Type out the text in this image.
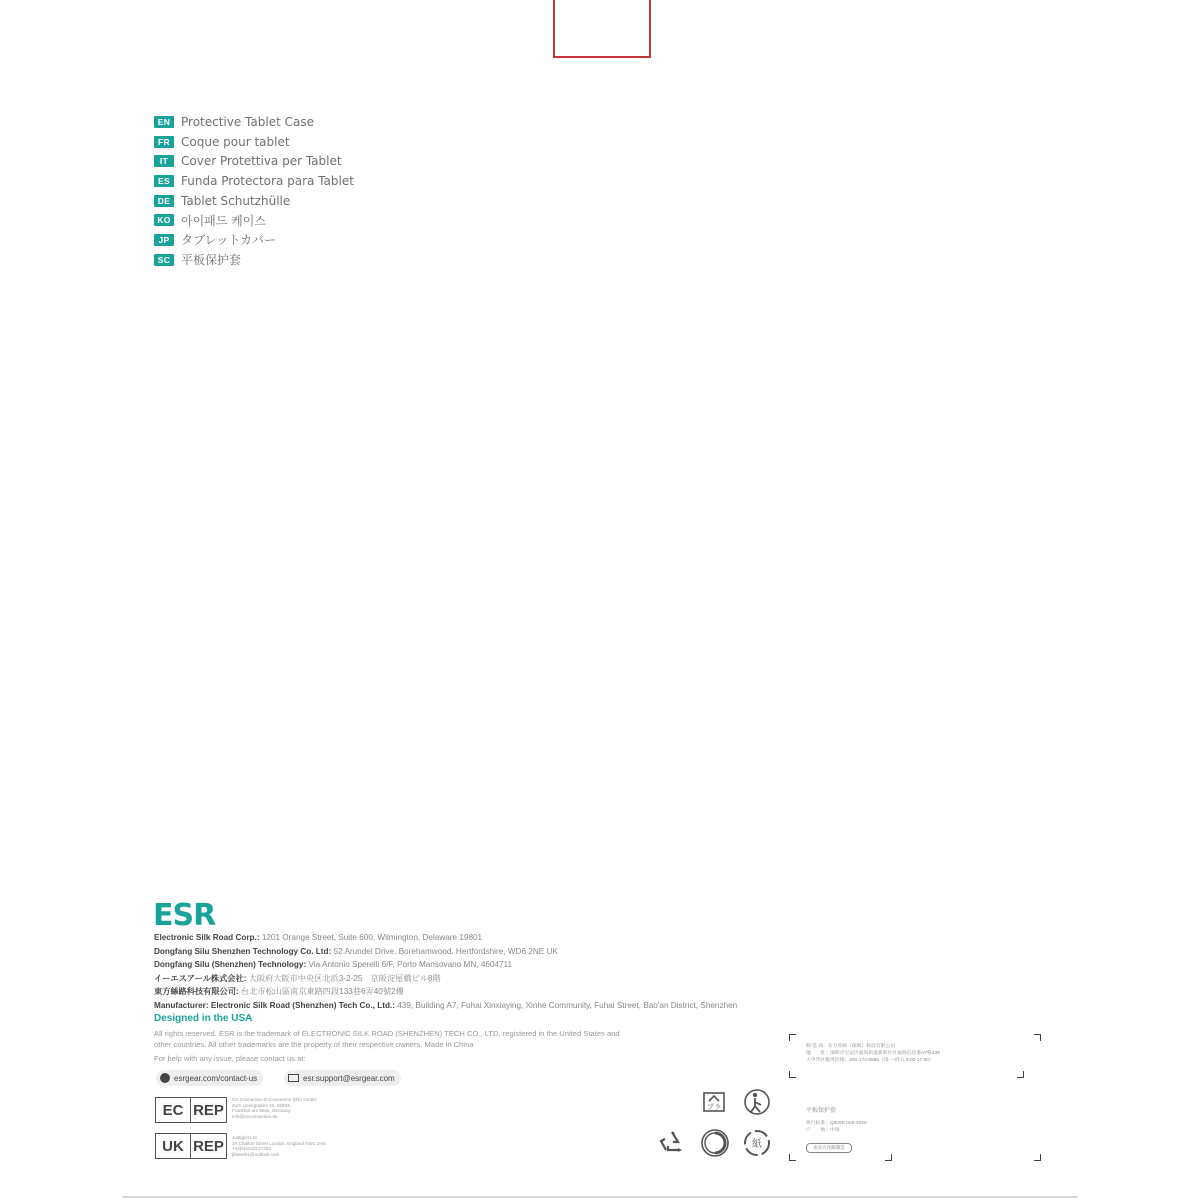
EN Protective Tablet Case
FR Coque pour tablet
IT	Cover Protettiva per Tablet
ES Funda Protectora para Tablet
DE Tablet Schutzhülle
KO 아이패드 케이스
JP タブレットカバー
SC 平板保护套
ESR
Electronic Silk Road Corp.: 1201 Orange Street, Suite 600, Wilmington, Delaware 19801
Dongfang Silu Shenzhen Technology Co. Ltd: 52 Arundel Drive, Borehamwood, Hertfordshire, WD6 2NE UK
Dongfang Silu (Shenzhen) Technology: Via Antonio Sperelli 6/F, Porto Mansovano MN, 4604711
イーエスアール株式会社: 大阪府大阪市中央区北浜3-2-25　京阪淀屋橋ビル8階
東方絲路科技有限公司: 台北市松山區南京東路四段133巷6弄40號2樓
Manufacturer: Electronic Silk Road (Shenzhen) Tech Co., Ltd.: 439, Building A7, Fuhai Xinxiaying, Xinhe Community, Fuhai Street, Bao'an District, Shenzhen
Designed in the USA
All rights reserved. ESR is the trademark of ELECTRONIC SILK ROAD (SHENZHEN) TECH CO., LTD, registered in the United States and other countries. All other trademarks are the property of their respective owners. Made in China
For help with any issue, please contact us at:
esrgear.com/contact-us	esr.support@esrgear.com
EC REP
CE Connection E-Commerce (DE) GmbH
Zum Linnegraben 20, 65933,
Frankfurt am Main, Germany
info@ceconnection.de
UK REP	Justignit Ltd
1A Chalton Street London, England NW1 1HS
+44(0)2033137254
jblaws01@outlook.com
プラ
紙
制 造 商：东方丝路（深圳）科技有限公司
地　　址：深圳市宝安区福海街道新和社区福海信息港A7栋439
大中华区服务热线：400-172-6666（周一-周五 9:00-17:00）
平板保护套
执行标准：Q/ESR 002-2020
产　　地：中国
由东方丝路制造
